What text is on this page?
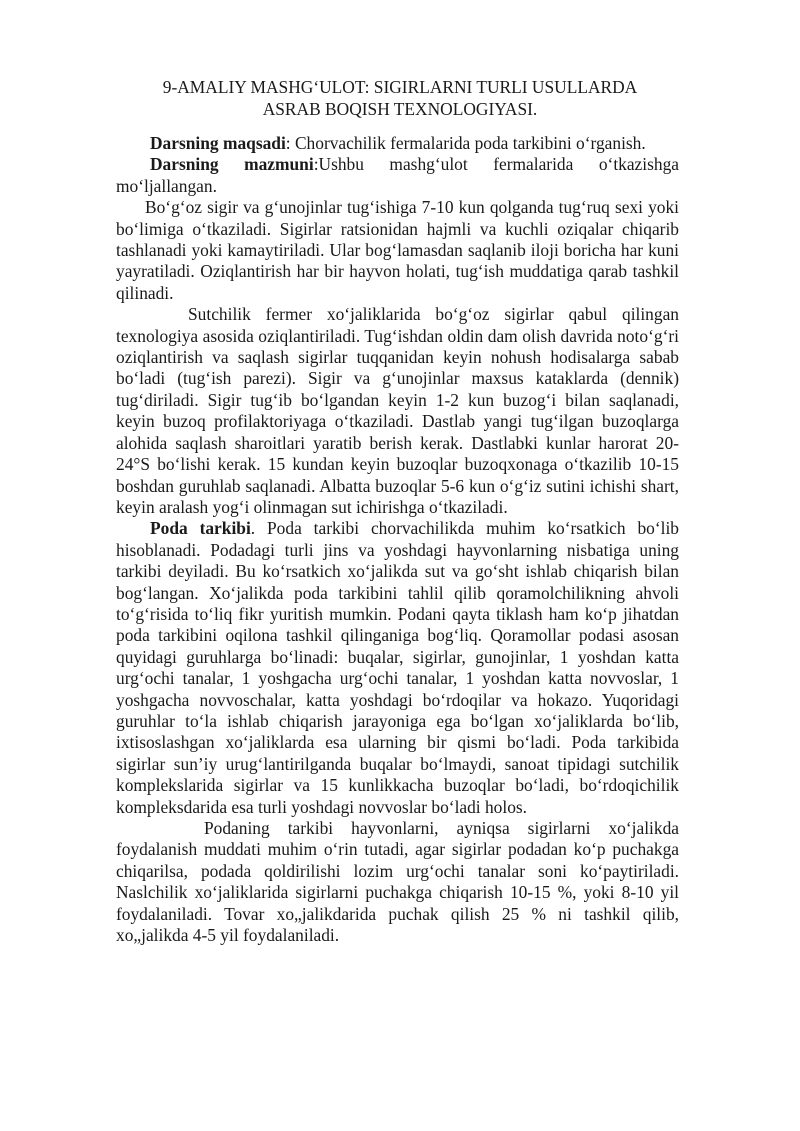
9-AMALIY MASHG‘ULOT: SIGIRLARNI TURLI USULLARDA
ASRAB BOQISH TEXNOLOGIYASI.

Darsning maqsadi: Chorvachilik fermalarida poda tarkibini o‘rganish.

Darsning mazmuni:Ushbu mashg‘ulot fermalarida o‘tkazishga mo‘ljallangan.

Bo‘g‘oz sigir va g‘unojinlar tug‘ishiga 7-10 kun qolganda tug‘ruq sexi yoki bo‘limiga o‘tkaziladi. Sigirlar ratsionidan hajmli va kuchli oziqalar chiqarib tashlanadi yoki kamaytiriladi. Ular bog‘lamasdan saqlanib iloji boricha har kuni yayratiladi. Oziqlantirish har bir hayvon holati, tug‘ish muddatiga qarab tashkil qilinadi.

Sutchilik fermer xo‘jaliklarida bo‘g‘oz sigirlar qabul qilingan texnologiya asosida oziqlantiriladi. Tug‘ishdan oldin dam olish davrida noto‘g‘ri oziqlantirish va saqlash sigirlar tuqqanidan keyin nohush hodisalarga sabab bo‘ladi (tug‘ish parezi). Sigir va g‘unojinlar maxsus kataklarda (dennik) tug‘diriladi. Sigir tug‘ib bo‘lgandan keyin 1-2 kun buzog‘i bilan saqlanadi, keyin buzoq profilaktoriyaga o‘tkaziladi. Dastlab yangi tug‘ilgan buzoqlarga alohida saqlash sharoitlari yaratib berish kerak. Dastlabki kunlar harorat 20-24°S bo‘lishi kerak. 15 kundan keyin buzoqlar buzoqxonaga o‘tkazilib 10-15 boshdan guruhlab saqlanadi. Albatta buzoqlar 5-6 kun o‘g‘iz sutini ichishi shart, keyin aralash yog‘i olinmagan sut ichirishga o‘tkaziladi.

Poda tarkibi. Poda tarkibi chorvachilikda muhim ko‘rsatkich bo‘lib hisoblanadi. Podadagi turli jins va yoshdagi hayvonlarning nisbatiga uning tarkibi deyiladi. Bu ko‘rsatkich xo‘jalikda sut va go‘sht ishlab chiqarish bilan bog‘langan. Xo‘jalikda poda tarkibini tahlil qilib qoramolchilikning ahvoli to‘g‘risida to‘liq fikr yuritish mumkin. Podani qayta tiklash ham ko‘p jihatdan poda tarkibini oqilona tashkil qilinganiga bog‘liq. Qoramollar podasi asosan quyidagi guruhlarga bo‘linadi: buqalar, sigirlar, gunojinlar, 1 yoshdan katta urg‘ochi tanalar, 1 yoshgacha urg‘ochi tanalar, 1 yoshdan katta novvoslar, 1 yoshgacha novvoschalar, katta yoshdagi bo‘rdoqilar va hokazo. Yuqoridagi guruhlar to‘la ishlab chiqarish jarayoniga ega bo‘lgan xo‘jaliklarda bo‘lib, ixtisoslashgan xo‘jaliklarda esa ularning bir qismi bo‘ladi. Poda tarkibida sigirlar sun’iy urug‘lantirilganda buqalar bo‘lmaydi, sanoat tipidagi sutchilik komplekslarida sigirlar va 15 kunlikkacha buzoqlar bo‘ladi, bo‘rdoqichilik kompleksdarida esa turli yoshdagi novvoslar bo‘ladi holos.

Podaning tarkibi hayvonlarni, ayniqsa sigirlarni xo‘jalikda foydalanish muddati muhim o‘rin tutadi, agar sigirlar podadan ko‘p puchakga chiqarilsa, podada qoldirilishi lozim urg‘ochi tanalar soni ko‘paytiriladi. Naslchilik xo‘jaliklarida sigirlarni puchakga chiqarish 10-15 %, yoki 8-10 yil foydalaniladi. Tovar xo„jalikdarida puchak qilish 25 % ni tashkil qilib, xo„jalikda 4-5 yil foydalaniladi.
